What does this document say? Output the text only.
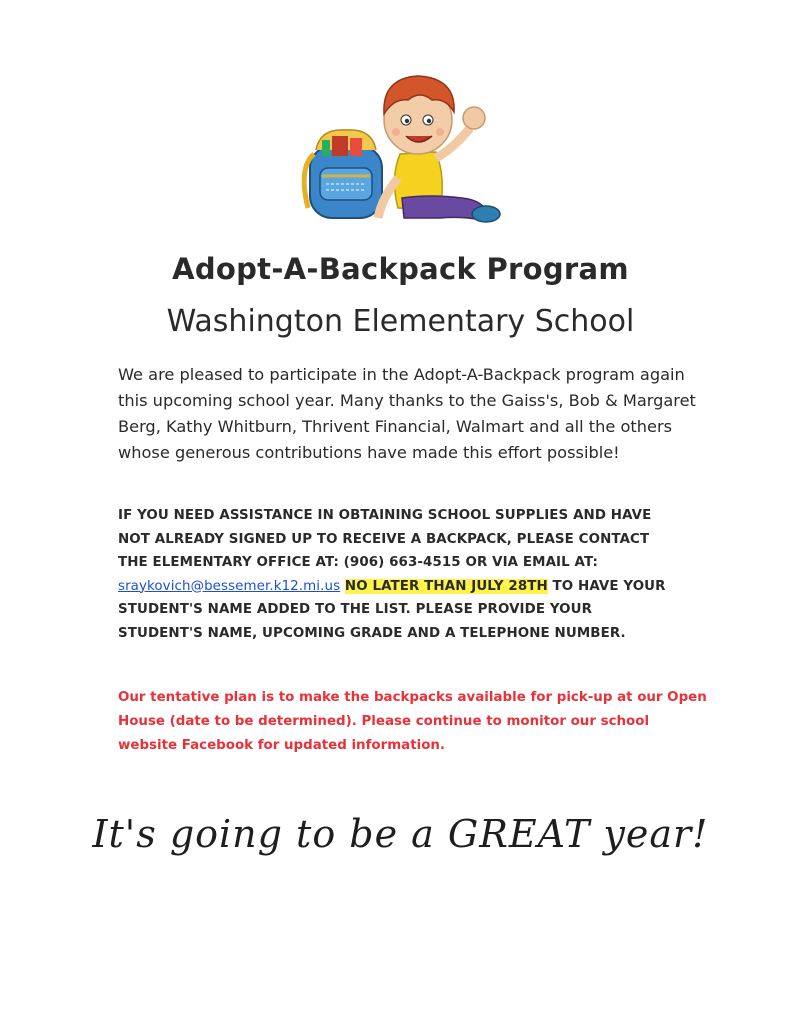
Adopt-A-Backpack Program
Washington Elementary School
We are pleased to participate in the Adopt-A-Backpack program again this upcoming school year. Many thanks to the Gaiss's, Bob & Margaret Berg, Kathy Whitburn, Thrivent Financial, Walmart and all the others whose generous contributions have made this effort possible!
IF YOU NEED ASSISTANCE IN OBTAINING SCHOOL SUPPLIES AND HAVE NOT ALREADY SIGNED UP TO RECEIVE A BACKPACK, PLEASE CONTACT THE ELEMENTARY OFFICE AT: (906) 663-4515 OR VIA EMAIL AT: sraykovich@bessemer.k12.mi.us NO LATER THAN JULY 28TH TO HAVE YOUR STUDENT'S NAME ADDED TO THE LIST. PLEASE PROVIDE YOUR STUDENT'S NAME, UPCOMING GRADE AND A TELEPHONE NUMBER.
Our tentative plan is to make the backpacks available for pick-up at our Open House (date to be determined). Please continue to monitor our school website Facebook for updated information.
It's going to be a GREAT year!
